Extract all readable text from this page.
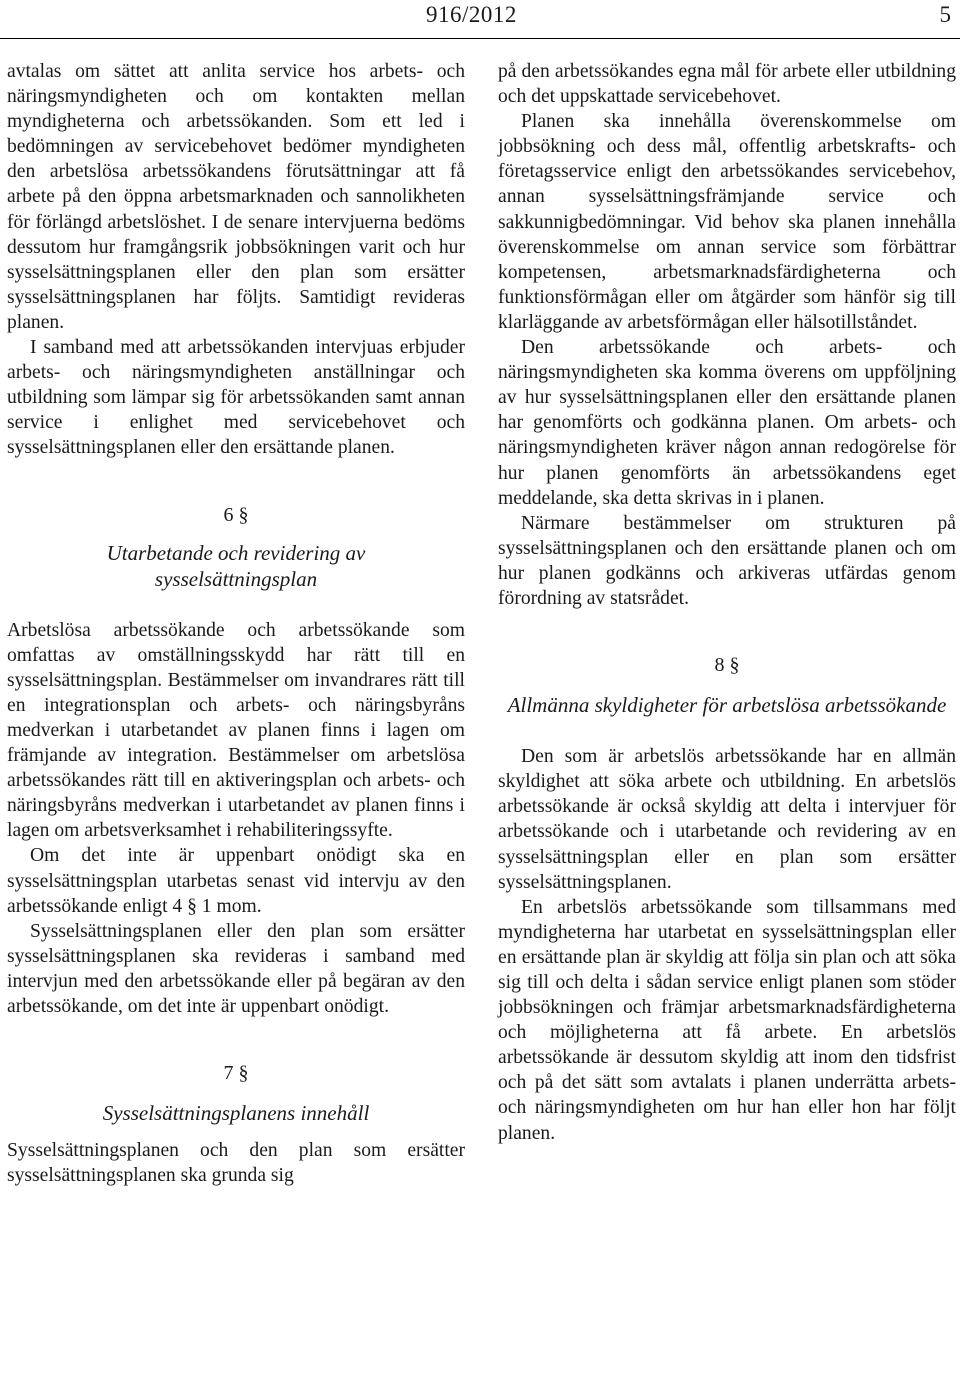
916/2012	5

avtalas om sättet att anlita service hos arbets- och näringsmyndigheten och om kontakten mellan myndigheterna och arbetssökanden. Som ett led i bedömningen av servicebehovet bedömer myndigheten den arbetslösa arbetssökandens förutsättningar att få arbete på den öppna arbetsmarknaden och sannolikheten för förlängd arbetslöshet. I de senare intervjuerna bedöms dessutom hur framgångsrik jobbsökningen varit och hur sysselsättningsplanen eller den plan som ersätter sysselsättningsplanen har följts. Samtidigt revideras planen.

I samband med att arbetssökanden intervjuas erbjuder arbets- och näringsmyndigheten anställningar och utbildning som lämpar sig för arbetssökanden samt annan service i enlighet med servicebehovet och sysselsättningsplanen eller den ersättande planen.

6 §

Utarbetande och revidering av sysselsättningsplan

Arbetslösa arbetssökande och arbetssökande som omfattas av omställningsskydd har rätt till en sysselsättningsplan. Bestämmelser om invandrares rätt till en integrationsplan och arbets- och näringsbyråns medverkan i utarbetandet av planen finns i lagen om främjande av integration. Bestämmelser om arbetslösa arbetssökandes rätt till en aktiveringsplan och arbets- och näringsbyråns medverkan i utarbetandet av planen finns i lagen om arbetsverksamhet i rehabiliteringssyfte.

Om det inte är uppenbart onödigt ska en sysselsättningsplan utarbetas senast vid intervju av den arbetssökande enligt 4 § 1 mom.

Sysselsättningsplanen eller den plan som ersätter sysselsättningsplanen ska revideras i samband med intervjun med den arbetssökande eller på begäran av den arbetssökande, om det inte är uppenbart onödigt.

7 §

Sysselsättningsplanens innehåll

Sysselsättningsplanen och den plan som ersätter sysselsättningsplanen ska grunda sig

på den arbetssökandes egna mål för arbete eller utbildning och det uppskattade servicebehovet.

Planen ska innehålla överenskommelse om jobbsökning och dess mål, offentlig arbetskrafts- och företagsservice enligt den arbetssökandes servicebehov, annan sysselsättningsfrämjande service och sakkunnigbedömningar. Vid behov ska planen innehålla överenskommelse om annan service som förbättrar kompetensen, arbetsmarknadsfärdigheterna och funktionsförmågan eller om åtgärder som hänför sig till klarläggande av arbetsförmågan eller hälsotillståndet.

Den arbetssökande och arbets- och näringsmyndigheten ska komma överens om uppföljning av hur sysselsättningsplanen eller den ersättande planen har genomförts och godkänna planen. Om arbets- och näringsmyndigheten kräver någon annan redogörelse för hur planen genomförts än arbetssökandens eget meddelande, ska detta skrivas in i planen.

Närmare bestämmelser om strukturen på sysselsättningsplanen och den ersättande planen och om hur planen godkänns och arkiveras utfärdas genom förordning av statsrådet.

8 §

Allmänna skyldigheter för arbetslösa arbetssökande

Den som är arbetslös arbetssökande har en allmän skyldighet att söka arbete och utbildning. En arbetslös arbetssökande är också skyldig att delta i intervjuer för arbetssökande och i utarbetande och revidering av en sysselsättningsplan eller en plan som ersätter sysselsättningsplanen.

En arbetslös arbetssökande som tillsammans med myndigheterna har utarbetat en sysselsättningsplan eller en ersättande plan är skyldig att följa sin plan och att söka sig till och delta i sådan service enligt planen som stöder jobbsökningen och främjar arbetsmarknadsfärdigheterna och möjligheterna att få arbete. En arbetslös arbetssökande är dessutom skyldig att inom den tidsfrist och på det sätt som avtalats i planen underrätta arbets- och näringsmyndigheten om hur han eller hon har följt planen.
